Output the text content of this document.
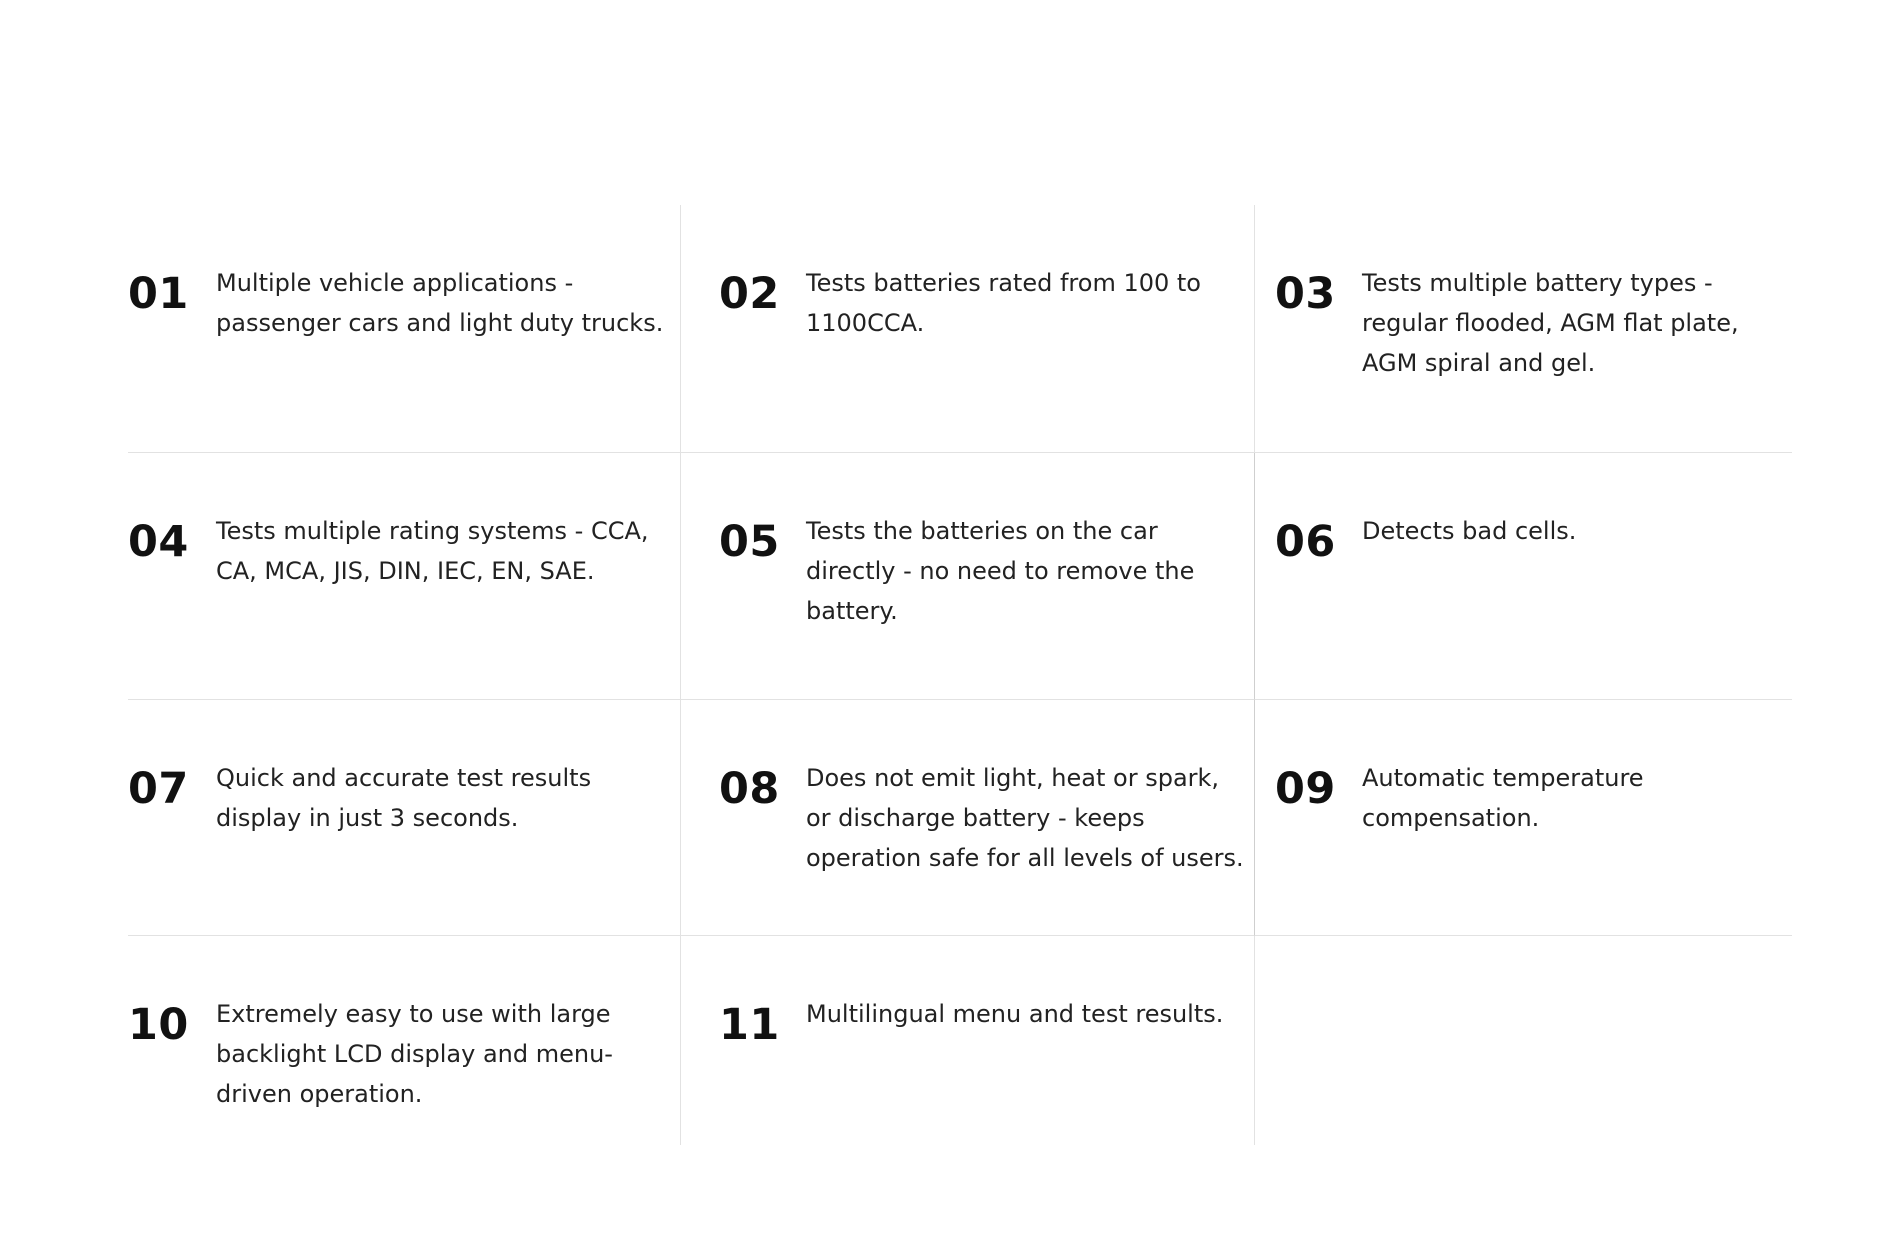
01 Multiple vehicle applications - passenger cars and light duty trucks.
02 Tests batteries rated from 100 to 1100CCA.
03 Tests multiple battery types - regular flooded, AGM flat plate, AGM spiral and gel.
04 Tests multiple rating systems - CCA, CA, MCA, JIS, DIN, IEC, EN, SAE.
05 Tests the batteries on the car directly - no need to remove the battery.
06 Detects bad cells.
07 Quick and accurate test results display in just 3 seconds.
08 Does not emit light, heat or spark, or discharge battery - keeps operation safe for all levels of users.
09 Automatic temperature compensation.
10 Extremely easy to use with large backlight LCD display and menu-driven operation.
11 Multilingual menu and test results.
